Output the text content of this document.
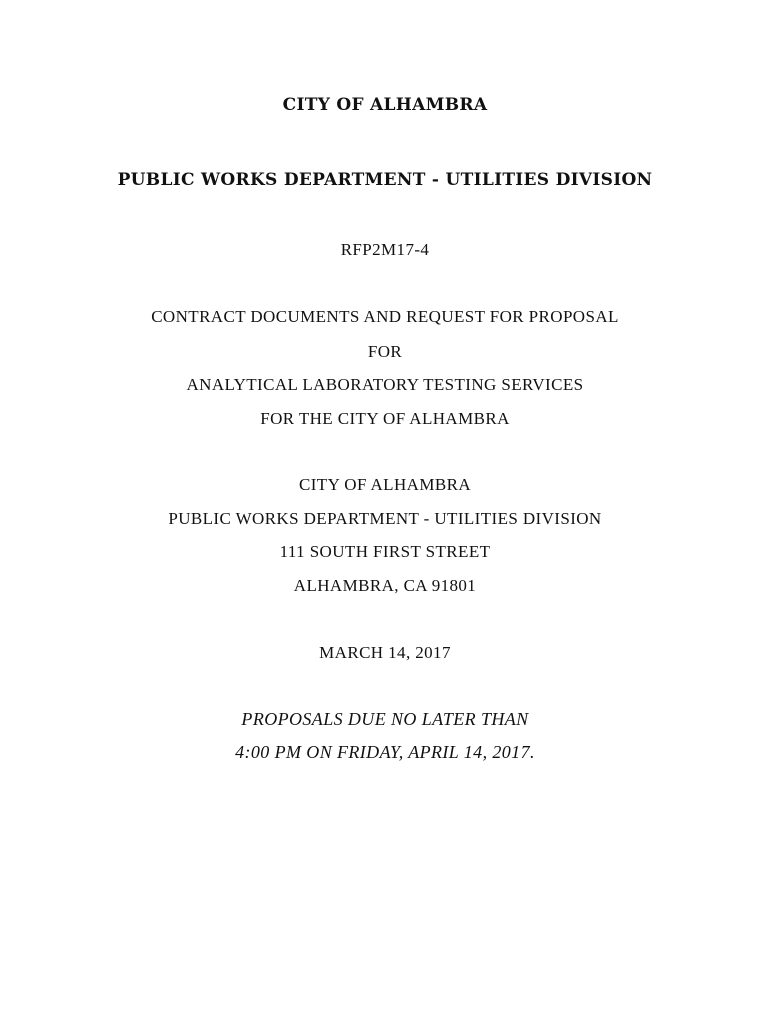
CITY OF ALHAMBRA
PUBLIC WORKS DEPARTMENT - UTILITIES DIVISION
RFP2M17-4
CONTRACT DOCUMENTS AND REQUEST FOR PROPOSAL
FOR
ANALYTICAL LABORATORY TESTING SERVICES
FOR THE CITY OF ALHAMBRA
CITY OF ALHAMBRA
PUBLIC WORKS DEPARTMENT - UTILITIES DIVISION
111 SOUTH FIRST STREET
ALHAMBRA, CA 91801
MARCH 14, 2017
PROPOSALS DUE NO LATER THAN
4:00 PM ON FRIDAY, APRIL 14, 2017.
